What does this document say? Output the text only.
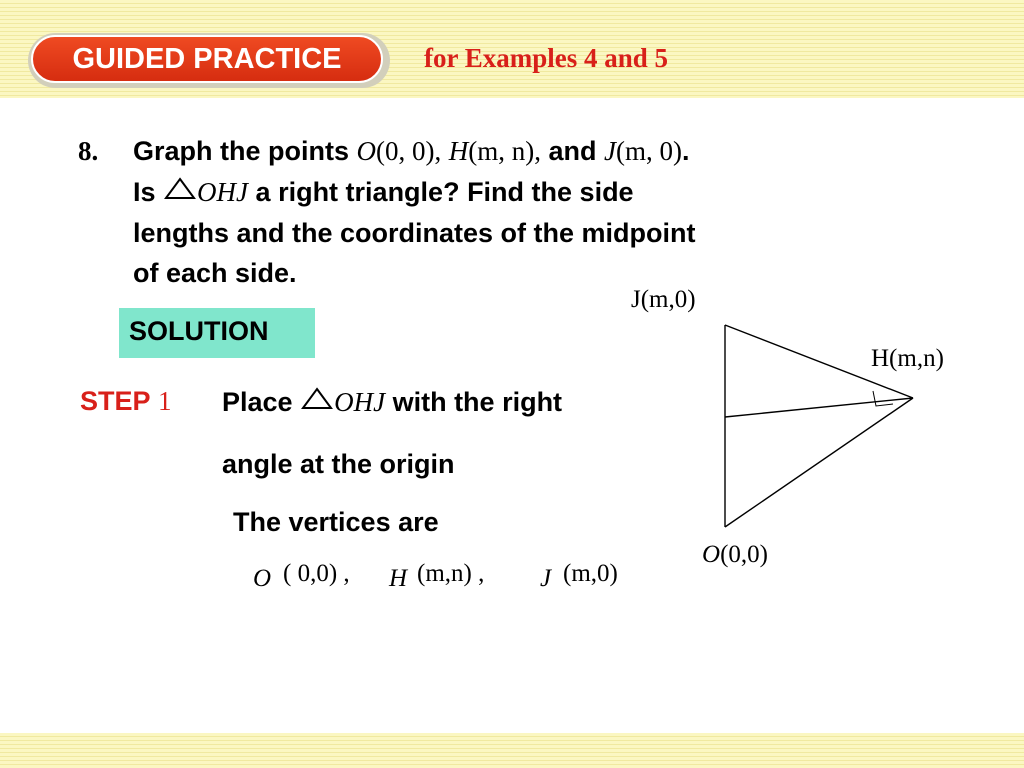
GUIDED PRACTICE	for Examples 4 and 5
8. Graph the points O(0, 0), H(m, n), and J(m, 0).
Is OHJ a right triangle? Find the side
lengths and the coordinates of the midpoint
of each side.
SOLUTION
STEP 1 Place OHJ with the right
angle at the origin
The vertices are
O ( 0,0) , H (m,n) , J (m,0)
J(m,0)
H(m,n)
O(0,0)
